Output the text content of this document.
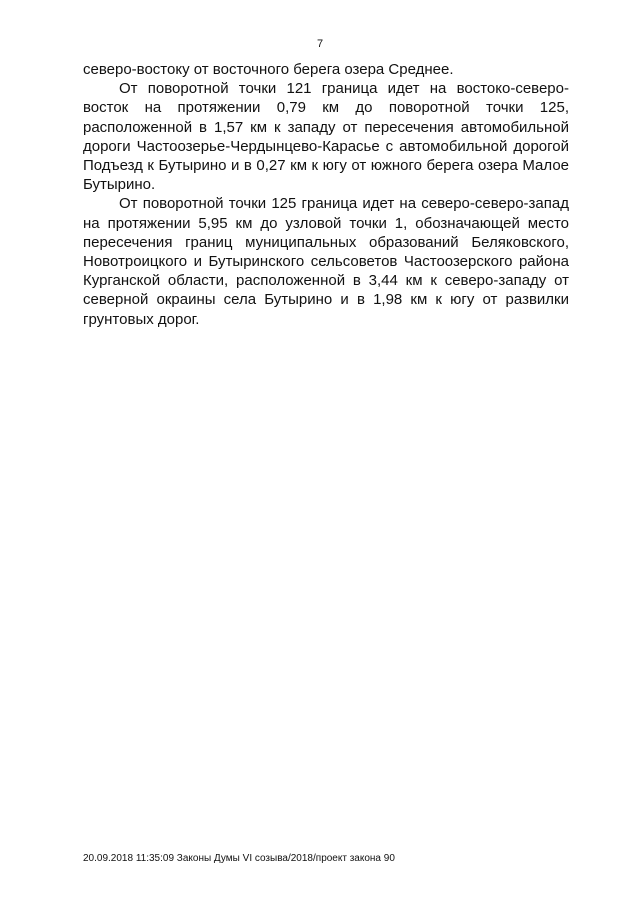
7

северо-востоку от восточного берега озера Среднее.

От поворотной точки 121 граница идет на востоко-северо-восток на протяжении 0,79 км до поворотной точки 125, расположенной в 1,57 км к западу от пересечения автомобильной дороги Частоозерье-Чердынцево-Карасье с автомобильной дорогой Подъезд к Бутырино и в 0,27 км к югу от южного берега озера Малое Бутырино.

От поворотной точки 125 граница идет на северо-северо-запад на протяжении 5,95 км до узловой точки 1, обозначающей место пересечения границ муниципальных образований Беляковского, Новотроицкого и Бутыринского сельсоветов Частоозерского района Курганской области, расположенной в 3,44 км к северо-западу от северной окраины села Бутырино и в 1,98 км к югу от развилки грунтовых дорог.

20.09.2018 11:35:09 Законы Думы VI созыва/2018/проект закона 90
